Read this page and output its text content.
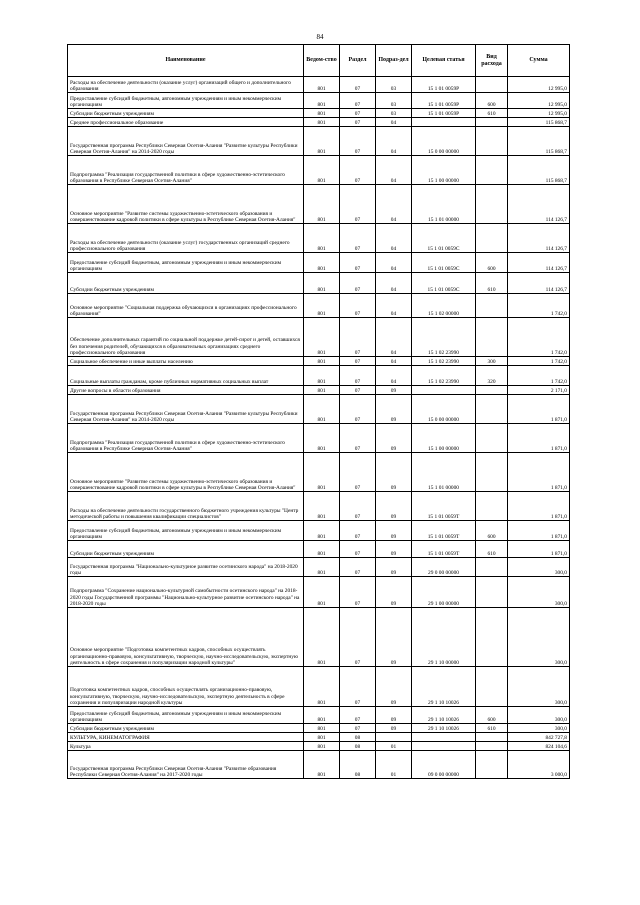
84
Наименование	Ведом-ство	Раздел	Подраз-дел	Целевая статья	Вид расхода	Сумма
Расходы на обеспечение деятельности (оказание услуг) организаций общего и дополнительного образования	801	07	03	15 1 01 0059Р		12 995,0
Предоставление субсидий бюджетным, автономным учреждениям и иным некоммерческим организациям	801	07	03	15 1 01 0059Р	600	12 995,0
Субсидии бюджетным учреждениям	801	07	03	15 1 01 0059Р	610	12 995,0
Среднее профессиональное образование	801	07	04			115 868,7
Государственная программа Республики Северная Осетия-Алания "Развитие культуры Республики Северная Осетия-Алания" на 2014-2020 годы	801	07	04	15 0 00 00000		115 868,7
Подпрограмма "Реализация государственной политики в сфере художественно-эстетического образования в Республике Северная Осетия-Алания"	801	07	04	15 1 00 00000		115 868,7
Основное мероприятие "Развитие системы художественно-эстетического образования и совершенствование кадровой политики в сфере культуры в Республике Северная Осетия-Алания"	801	07	04	15 1 01 00000		114 126,7
Расходы на обеспечение деятельности (оказание услуг) государственных организаций среднего профессионального образования	801	07	04	15 1 01 0059С		114 126,7
Предоставление субсидий бюджетным, автономным учреждениям и иным некоммерческим организациям	801	07	04	15 1 01 0059С	600	114 126,7
Субсидии бюджетным учреждениям	801	07	04	15 1 01 0059С	610	114 126,7
Основное мероприятие "Социальная поддержка обучающихся в организациях профессионального образования"	801	07	04	15 1 02 00000		1 742,0
Обеспечение дополнительных гарантий по социальной поддержке детей-сирот и детей, оставшихся без попечения родителей, обучающихся в образовательных организациях среднего профессионального образования	801	07	04	15 1 02 23990		1 742,0
Социальное обеспечение и иные выплаты населению	801	07	04	15 1 02 23990	300	1 742,0
Социальные выплаты гражданам, кроме публичных нормативных социальных выплат	801	07	04	15 1 02 23990	320	1 742,0
Другие вопросы в области образования	801	07	09			2 171,0
Государственная программа Республики Северная Осетия-Алания "Развитие культуры Республики Северная Осетия-Алания" на 2014-2020 годы	801	07	09	15 0 00 00000		1 871,0
Подпрограмма "Реализация государственной политики в сфере художественно-эстетического образования в Республике Северная Осетия-Алания"	801	07	09	15 1 00 00000		1 871,0
Основное мероприятие "Развитие системы художественно-эстетического образования и совершенствование кадровой политики в сфере культуры в Республике Северная Осетия-Алания"	801	07	09	15 1 01 00000		1 871,0
Расходы на обеспечение деятельности государственного бюджетного учреждения культуры "Центр методической работы и повышения квалификации специалистов"	801	07	09	15 1 01 0059Т		1 871,0
Предоставление субсидий бюджетным, автономным учреждениям и иным некоммерческим организациям	801	07	09	15 1 01 0059Т	600	1 871,0
Субсидии бюджетным учреждениям	801	07	09	15 1 01 0059Т	610	1 871,0
Государственная программа "Национально-культурное развитие осетинского народа" на 2018-2020 годы	801	07	09	29 0 00 00000		300,0
Подпрограмма "Сохранение национально-культурной самобытности осетинского народа" на 2018-2020 годы Государственной программы "Национально-культурное развитие осетинского народа" на 2018-2020 годы	801	07	09	29 1 00 00000		300,0
Основное мероприятие "Подготовка компетентных кадров, способных осуществлять организационно-правовую, консультативную, творческую, научно-исследовательскую, экспертную деятельность в сфере сохранения и популяризации народной культуры"	801	07	09	29 1 10 00000		300,0
Подготовка компетентных кадров, способных осуществлять организационно-правовую, консультативную, творческую, научно-исследовательскую, экспертную деятельность в сфере сохранения и популяризации народной культуры	801	07	09	29 1 10 10026		300,0
Предоставление субсидий бюджетным, автономным учреждениям и иным некоммерческим организациям	801	07	09	29 1 10 10026	600	300,0
Субсидии бюджетным учреждениям	801	07	09	29 1 10 10026	610	300,0
КУЛЬТУРА, КИНЕМАТОГРАФИЯ	801	08				842 727,8
Культура	801	08	01			824 104,6
Государственная программа Республики Северная Осетия-Алания "Развитие образования Республики Северная Осетия-Алания" на 2017-2020 годы	801	08	01	09 0 00 00000		3 000,0
